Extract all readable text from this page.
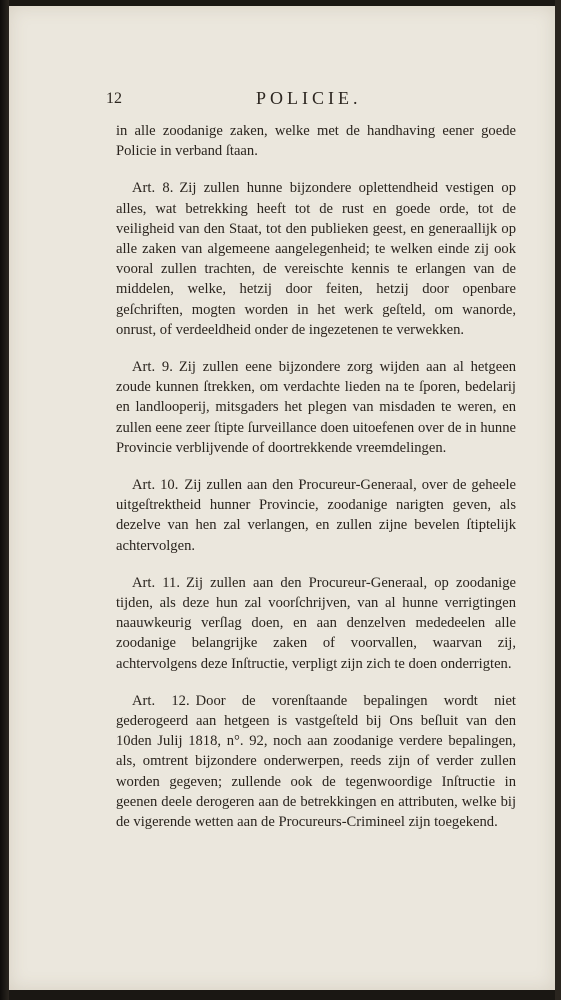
12	POLICIE.

in alle zoodanige zaken, welke met de handhaving eener goede Policie in verband ſtaan.

Art. 8. Zij zullen hunne bijzondere oplettendheid vestigen op alles, wat betrekking heeft tot de rust en goede orde, tot de veiligheid van den Staat, tot den publieken geest, en generaallijk op alle zaken van algemeene aangelegenheid; te welken einde zij ook vooral zullen trachten, de vereischte kennis te erlangen van de middelen, welke, hetzij door feiten, hetzij door openbare geſchriften, mogten worden in het werk geſteld, om wanorde, onrust, of verdeeldheid onder de ingezetenen te verwekken.

Art. 9. Zij zullen eene bijzondere zorg wijden aan al hetgeen zoude kunnen ſtrekken, om verdachte lieden na te ſporen, bedelarij en landlooperij, mitsgaders het plegen van misdaden te weren, en zullen eene zeer ſtipte ſurveillance doen uitoefenen over de in hunne Provincie verblijvende of doortrekkende vreemdelingen.

Art. 10. Zij zullen aan den Procureur-Generaal, over de geheele uitgeſtrektheid hunner Provincie, zoodanige narigten geven, als dezelve van hen zal verlangen, en zullen zijne bevelen ſtiptelijk achtervolgen.

Art. 11. Zij zullen aan den Procureur-Generaal, op zoodanige tijden, als deze hun zal voorſchrijven, van al hunne verrigtingen naauwkeurig verſlag doen, en aan denzelven mededeelen alle zoodanige belangrijke zaken of voorvallen, waarvan zij, achtervolgens deze Inſtructie, verpligt zijn zich te doen onderrigten.

Art. 12. Door de vorenſtaande bepalingen wordt niet gederogeerd aan hetgeen is vastgeſteld bij Ons beſluit van den 10den Julij 1818, n°. 92, noch aan zoodanige verdere bepalingen, als, omtrent bijzondere onderwerpen, reeds zijn of verder zullen worden gegeven; zullende ook de tegenwoordige Inſtructie in geenen deele derogeren aan de betrekkingen en attributen, welke bij de vigerende wetten aan de Procureurs-Crimineel zijn toegekend.
